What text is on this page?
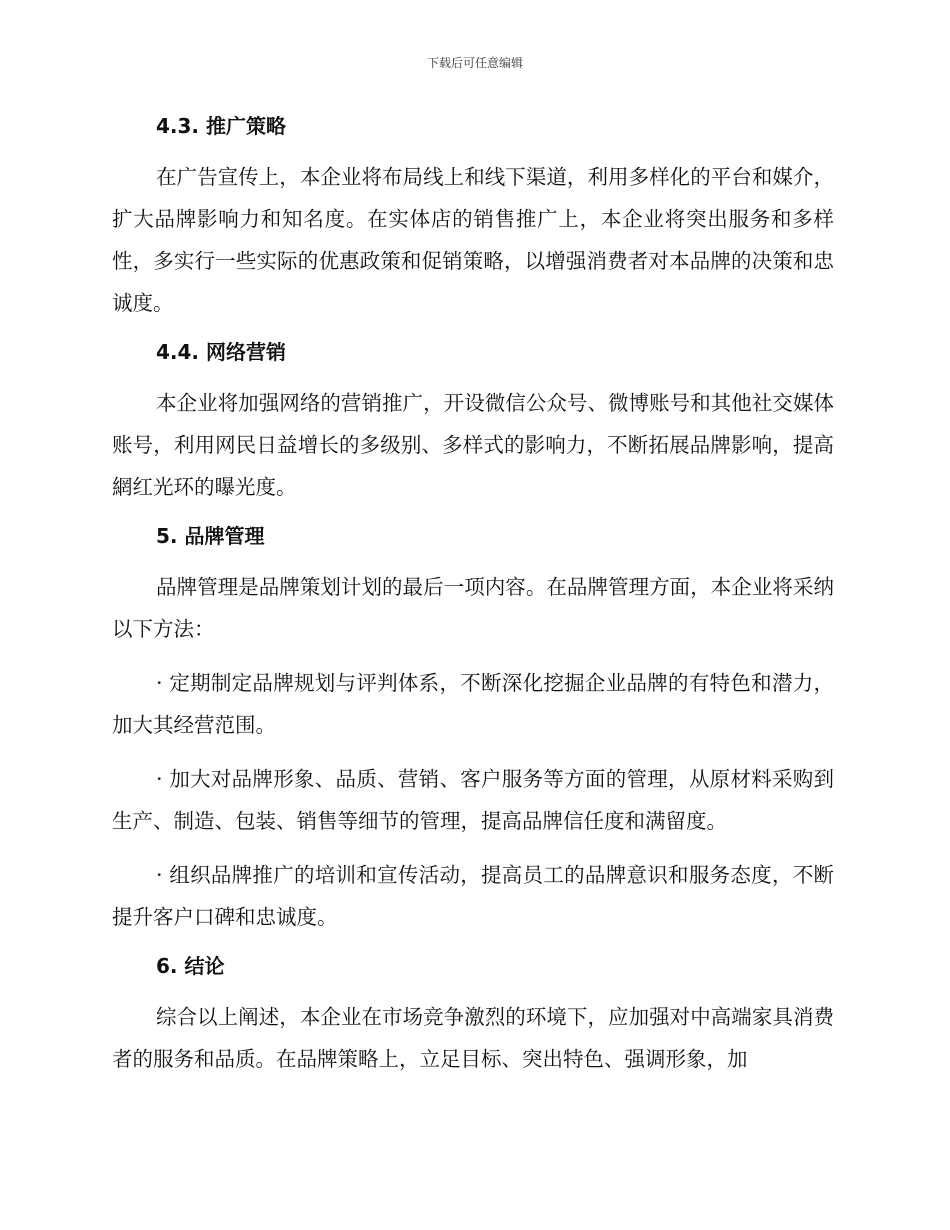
下载后可任意编辑
4.3. 推广策略

在广告宣传上，本企业将布局线上和线下渠道，利用多样化的平台和媒介，扩大品牌影响力和知名度。在实体店的销售推广上，本企业将突出服务和多样性，多实行一些实际的优惠政策和促销策略，以增强消费者对本品牌的决策和忠诚度。

4.4. 网络营销

本企业将加强网络的营销推广，开设微信公众号、微博账号和其他社交媒体账号，利用网民日益增长的多级别、多样式的影响力，不断拓展品牌影响，提高網红光环的曝光度。

5. 品牌管理

品牌管理是品牌策划计划的最后一项内容。在品牌管理方面，本企业将采纳以下方法：

· 定期制定品牌规划与评判体系，不断深化挖掘企业品牌的有特色和潜力，加大其经营范围。

· 加大对品牌形象、品质、营销、客户服务等方面的管理，从原材料采购到生产、制造、包装、销售等细节的管理，提高品牌信任度和满留度。

· 组织品牌推广的培训和宣传活动，提高员工的品牌意识和服务态度，不断提升客户口碑和忠诚度。

6. 结论

综合以上阐述，本企业在市场竞争激烈的环境下，应加强对中高端家具消费者的服务和品质。在品牌策略上，立足目标、突出特色、强调形象，加
